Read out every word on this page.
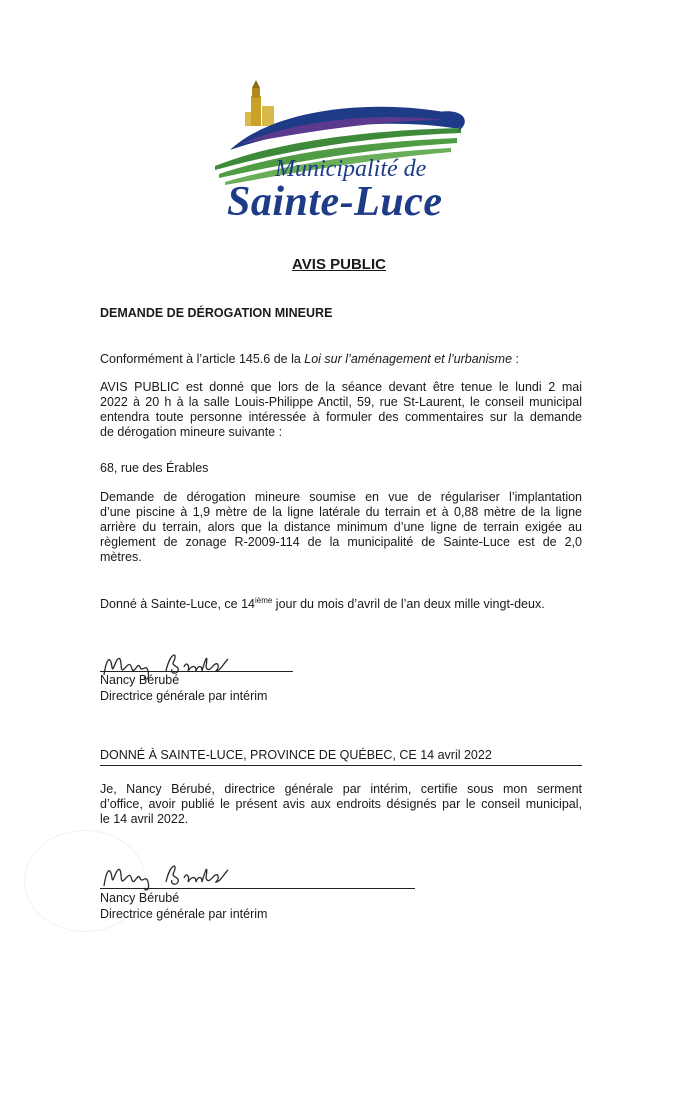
Municipalité de
Sainte-Luce
AVIS PUBLIC
DEMANDE DE DÉROGATION MINEURE
Conformément à l’article 145.6 de la Loi sur l’aménagement et l’urbanisme :
AVIS PUBLIC est donné que lors de la séance devant être tenue le lundi 2 mai
2022 à 20 h à la salle Louis-Philippe Anctil, 59, rue St-Laurent, le conseil municipal
entendra toute personne intéressée à formuler des commentaires sur la demande
de dérogation mineure suivante :
68, rue des Érables
Demande de dérogation mineure soumise en vue de régulariser l’implantation
d’une piscine à 1,9 mètre de la ligne latérale du terrain et à 0,88 mètre de la ligne
arrière du terrain, alors que la distance minimum d’une ligne de terrain exigée au
règlement de zonage R-2009-114 de la municipalité de Sainte-Luce est de 2,0
mètres.
Donné à Sainte-Luce, ce 14ième jour du mois d’avril de l’an deux mille vingt-deux.
Nancy Bérubé
Directrice générale par intérim
DONNÉ À SAINTE-LUCE, PROVINCE DE QUÉBEC, CE 14 avril 2022
Je, Nancy Bérubé, directrice générale par intérim, certifie sous mon serment
d’office, avoir publié le présent avis aux endroits désignés par le conseil municipal,
le 14 avril 2022.
Nancy Bérubé
Directrice générale par intérim
